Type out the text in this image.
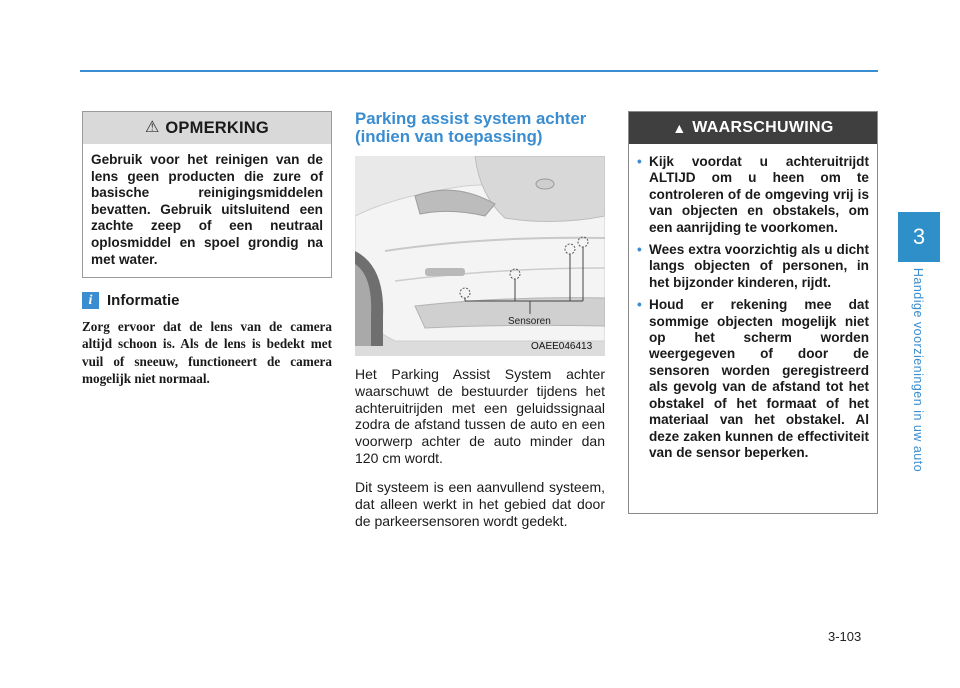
⚠ OPMERKING
Gebruik voor het reinigen van de lens geen producten die zure of basische reinigingsmiddelen bevatten. Gebruik uitsluitend een zachte zeep of een neutraal oplosmiddel en spoel grondig na met water.
i Informatie
Zorg ervoor dat de lens van de camera altijd schoon is. Als de lens is bedekt met vuil of sneeuw, functioneert de camera mogelijk niet normaal.
Parking assist system achter (indien van toepassing)
Sensoren
OAEE046413
Het Parking Assist System achter waarschuwt de bestuurder tijdens het achteruitrijden met een geluidssignaal zodra de afstand tussen de auto en een voorwerp achter de auto minder dan 120 cm wordt.
Dit systeem is een aanvullend systeem, dat alleen werkt in het gebied dat door de parkeersensoren wordt gedekt.
▲ WAARSCHUWING
• Kijk voordat u achteruitrijdt ALTIJD om u heen om te controleren of de omgeving vrij is van objecten en obstakels, om een aanrijding te voorkomen.
• Wees extra voorzichtig als u dicht langs objecten of personen, in het bijzonder kinderen, rijdt.
• Houd er rekening mee dat sommige objecten mogelijk niet op het scherm worden weergegeven of door de sensoren worden geregistreerd als gevolg van de afstand tot het obstakel of het formaat of het materiaal van het obstakel. Al deze zaken kunnen de effectiviteit van de sensor beperken.
3
Handige voorzieningen in uw auto
3-103
